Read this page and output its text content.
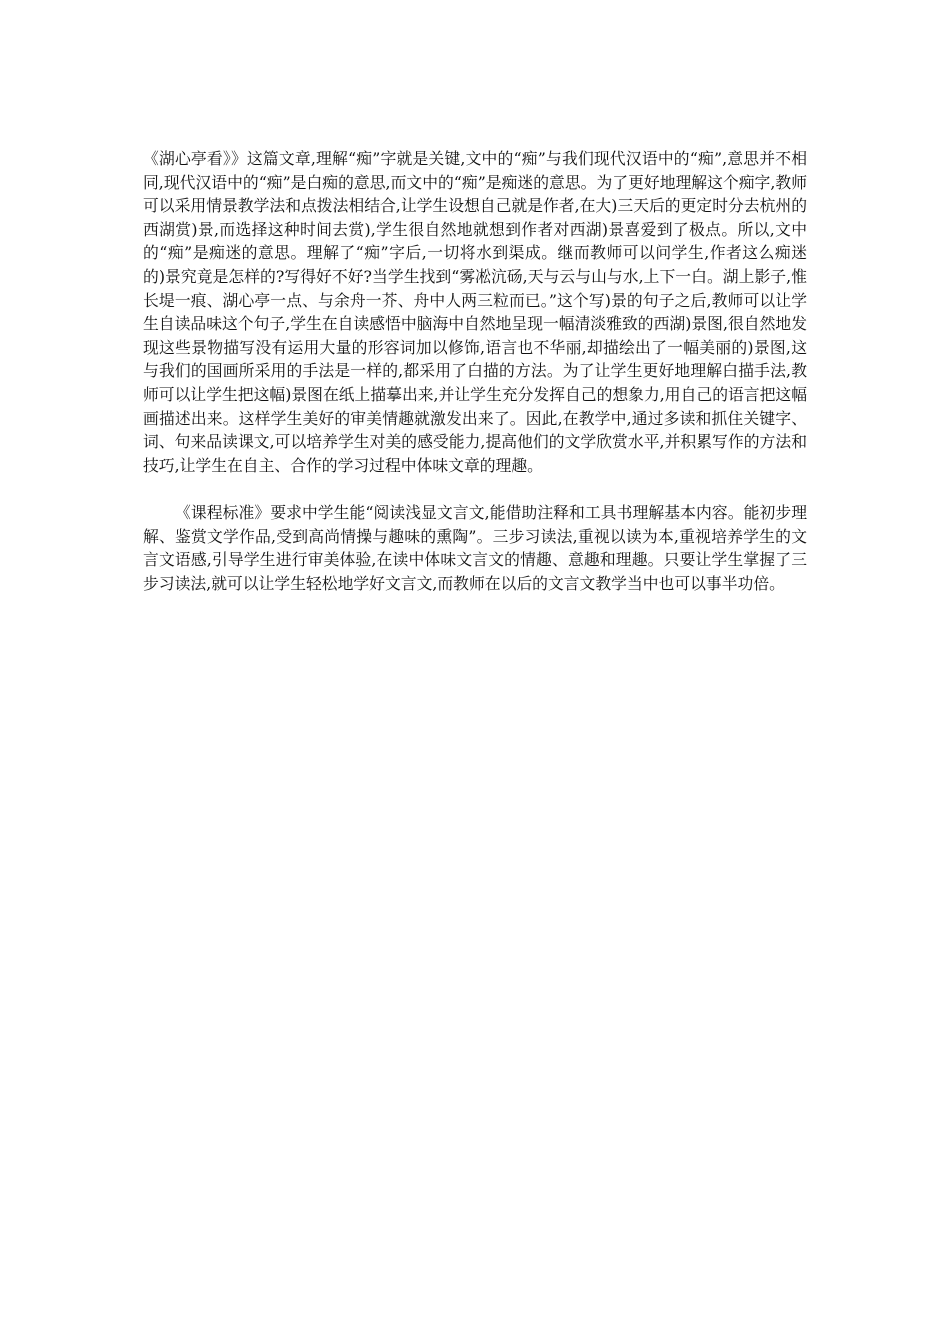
《湖心亭看》》这篇文章,理解“痴”字就是关键,文中的“痴”与我们现代汉语中的“痴”,意思并不相同,现代汉语中的“痴”是白痴的意思,而文中的“痴”是痴迷的意思。为了更好地理解这个痴字,教师可以采用情景教学法和点拨法相结合,让学生设想自己就是作者,在大)三天后的更定时分去杭州的西湖赏)景,而选择这种时间去赏),学生很自然地就想到作者对西湖)景喜爱到了极点。所以,文中的“痴”是痴迷的意思。理解了“痴”字后,一切将水到渠成。继而教师可以问学生,作者这么痴迷的)景究竟是怎样的?写得好不好?当学生找到“雾凇沆砀,天与云与山与水,上下一白。湖上影子,惟长堤一痕、湖心亭一点、与余舟一芥、舟中人两三粒而已。”这个写)景的句子之后,教师可以让学生自读品味这个句子,学生在自读感悟中脑海中自然地呈现一幅清淡雅致的西湖)景图,很自然地发现这些景物描写没有运用大量的形容词加以修饰,语言也不华丽,却描绘出了一幅美丽的)景图,这与我们的国画所采用的手法是一样的,都采用了白描的方法。为了让学生更好地理解白描手法,教师可以让学生把这幅)景图在纸上描摹出来,并让学生充分发挥自己的想象力,用自己的语言把这幅画描述出来。这样学生美好的审美情趣就激发出来了。因此,在教学中,通过多读和抓住关键字、词、句来品读课文,可以培养学生对美的感受能力,提高他们的文学欣赏水平,并积累写作的方法和技巧,让学生在自主、合作的学习过程中体味文章的理趣。

《课程标准》要求中学生能“阅读浅显文言文,能借助注释和工具书理解基本内容。能初步理解、鉴赏文学作品,受到高尚情操与趣味的熏陶”。三步习读法,重视以读为本,重视培养学生的文言文语感,引导学生进行审美体验,在读中体味文言文的情趣、意趣和理趣。只要让学生掌握了三步习读法,就可以让学生轻松地学好文言文,而教师在以后的文言文教学当中也可以事半功倍。
